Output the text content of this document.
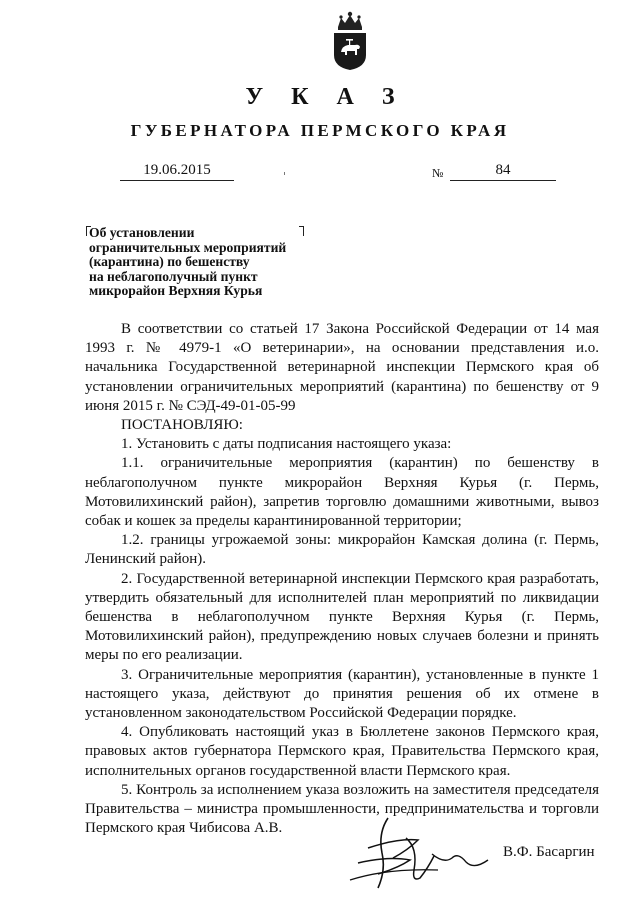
У К А З
ГУБЕРНАТОРА ПЕРМСКОГО КРАЯ
19.06.2015	№	84
Об установлении
ограничительных мероприятий
(карантина) по бешенству
на неблагополучный пункт
микрорайон Верхняя Курья

В соответствии со статьей 17 Закона Российской Федерации от 14 мая 1993 г. № 4979-1 «О ветеринарии», на основании представления и.о. начальника Государственной ветеринарной инспекции Пермского края об установлении ограничительных мероприятий (карантина) по бешенству от 9 июня 2015 г. № СЭД-49-01-05-99

ПОСТАНОВЛЯЮ:

1. Установить с даты подписания настоящего указа:

1.1. ограничительные мероприятия (карантин) по бешенству в неблагополучном пункте микрорайон Верхняя Курья (г. Пермь, Мотовилихинский район), запретив торговлю домашними животными, вывоз собак и кошек за пределы карантинированной территории;

1.2. границы угрожаемой зоны: микрорайон Камская долина (г. Пермь, Ленинский район).

2. Государственной ветеринарной инспекции Пермского края разработать, утвердить обязательный для исполнителей план мероприятий по ликвидации бешенства в неблагополучном пункте Верхняя Курья (г. Пермь, Мотовилихинский район), предупреждению новых случаев болезни и принять меры по его реализации.

3. Ограничительные мероприятия (карантин), установленные в пункте 1 настоящего указа, действуют до принятия решения об их отмене в установленном законодательством Российской Федерации порядке.

4. Опубликовать настоящий указ в Бюллетене законов Пермского края, правовых актов губернатора Пермского края, Правительства Пермского края, исполнительных органов государственной власти Пермского края.

5. Контроль за исполнением указа возложить на заместителя председателя Правительства – министра промышленности, предпринимательства и торговли Пермского края Чибисова А.В.

В.Ф. Басаргин
